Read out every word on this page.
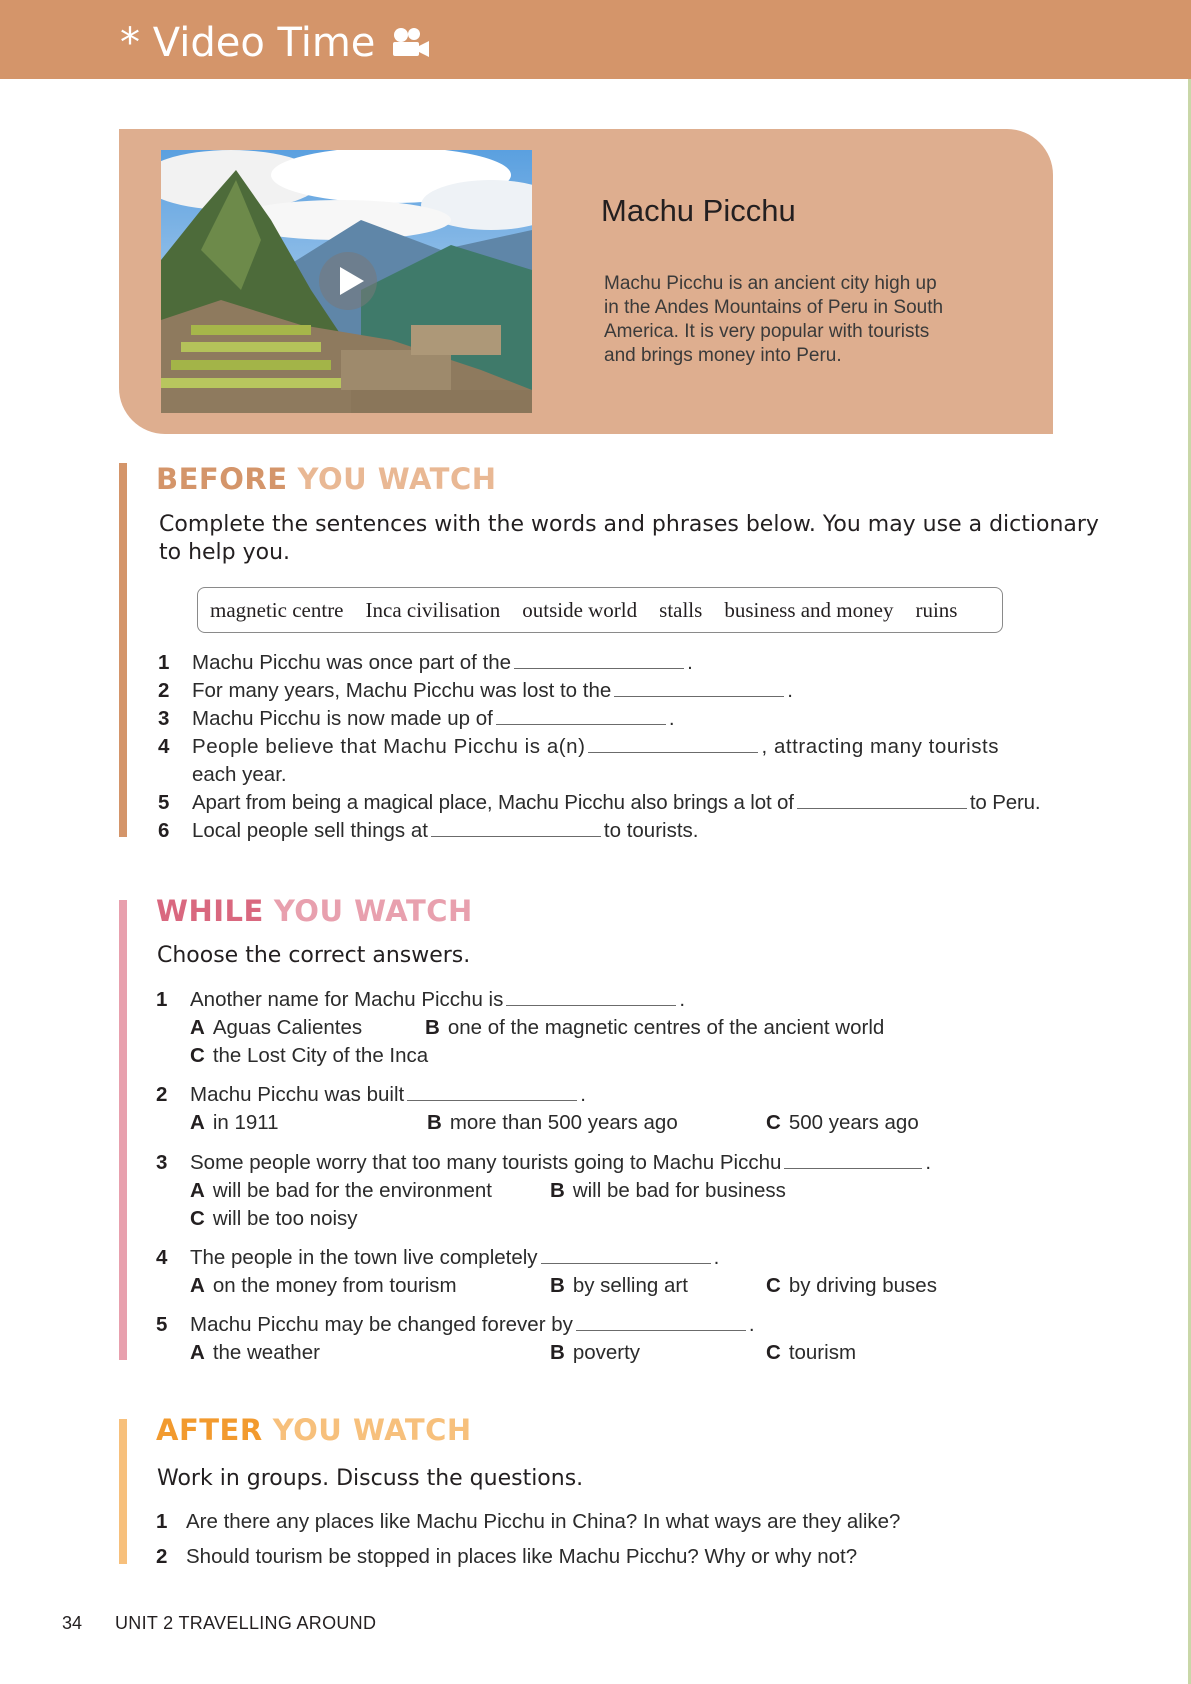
* Video Time
Machu Picchu
Machu Picchu is an ancient city high up
in the Andes Mountains of Peru in South
America. It is very popular with tourists
and brings money into Peru.
BEFORE YOU WATCH
Complete the sentences with the words and phrases below. You may use a dictionary
to help you.
magnetic centre Inca civilisation outside world stalls business and money ruins
1 Machu Picchu was once part of the	.
2 For many years, Machu Picchu was lost to the	.
3 Machu Picchu is now made up of	.
4 People believe that Machu Picchu is a(n)	, attracting many tourists
each year.
5 Apart from being a magical place, Machu Picchu also brings a lot of	to Peru.
6 Local people sell things at	to tourists.
WHILE YOU WATCH
Choose the correct answers.
1 Another name for Machu Picchu is	.
A Aguas Calientes	B one of the magnetic centres of the ancient world
C the Lost City of the Inca
2 Machu Picchu was built	.
A in 1911	B more than 500 years ago	C 500 years ago
3 Some people worry that too many tourists going to Machu Picchu	.
A will be bad for the environment	B will be bad for business
C will be too noisy
4 The people in the town live completely	.
A on the money from tourism	B by selling art	C by driving buses
5 Machu Picchu may be changed forever by	.
A the weather	B poverty	C tourism
AFTER YOU WATCH
Work in groups. Discuss the questions.
1 Are there any places like Machu Picchu in China? In what ways are they alike?
2 Should tourism be stopped in places like Machu Picchu? Why or why not?
34 UNIT 2 TRAVELLING AROUND
